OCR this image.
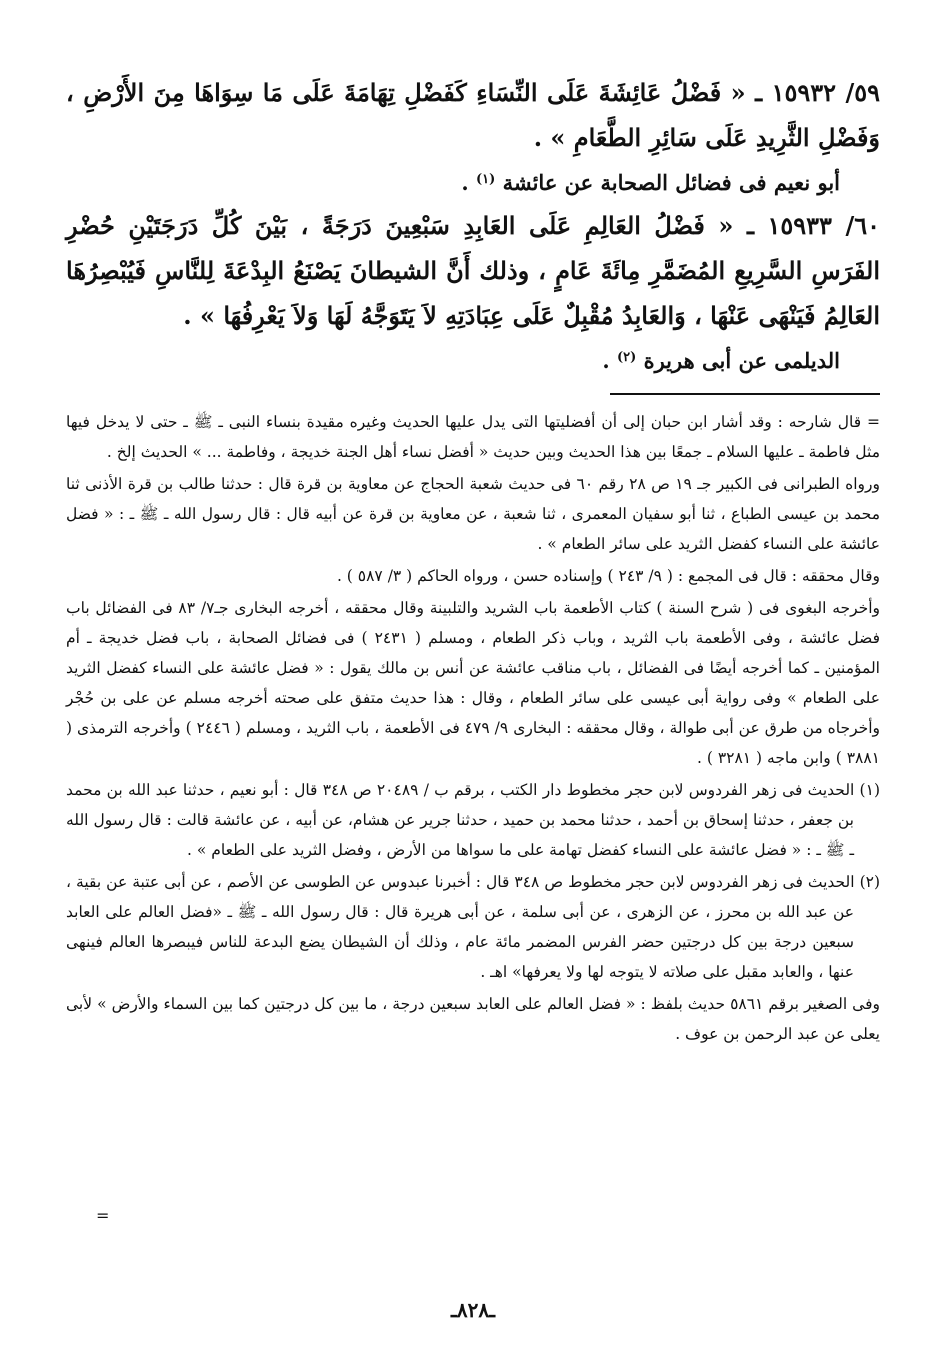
٥٩/ ١٥٩٣٢ ـ « فَضْلُ عَائِشَةَ عَلَى النِّسَاءِ كَفَضْلِ تِهَامَةَ عَلَى مَا سِوَاهَا مِنَ الأَرْضِ ، وَفَضْلِ الثَّرِيدِ عَلَى سَائِرِ الطَّعَامِ » .

أبو نعيم فى فضائل الصحابة عن عائشة $^{(١)}$ .

٦٠/ ١٥٩٣٣ ـ « فَضْلُ العَالِمِ عَلَى العَابِدِ سَبْعِينَ دَرَجَةً ، بَيْنَ كُلِّ دَرَجَتَيْنِ حُضْرِ الفَرَسِ السَّرِيعِ المُضَمَّرِ مِائَةَ عَامٍ ، وذلك أَنَّ الشيطانَ يَصْنَعُ البِدْعَةَ لِلنَّاسِ فَيُبْصِرُهَا العَالِمُ فَيَنْهَى عَنْهَا ، وَالعَابِدُ مُقْبِلٌ عَلَى عِبَادَتِهِ لاَ يَتَوَجَّهُ لَهَا وَلاَ يَعْرِفُهَا » .

الديلمى عن أبى هريرة $^{(٢)}$ .

= قال شارحه : وقد أشار ابن حبان إلى أن أفضليتها التى يدل عليها الحديث وغيره مقيدة بنساء النبى ـ ﷺ ـ حتى لا يدخل فيها مثل فاطمة ـ عليها السلام ـ جمعًا بين هذا الحديث وبين حديث « أفضل نساء أهل الجنة خديجة ، وفاطمة ... » الحديث إلخ .

ورواه الطبرانى فى الكبير جـ ١٩ ص ٢٨ رقم ٦٠ فى حديث شعبة الحجاج عن معاوية بن قرة قال : حدثنا طالب بن قرة الأذنى ثنا محمد بن عيسى الطباع ، ثنا أبو سفيان المعمرى ، ثنا شعبة ، عن معاوية بن قرة عن أبيه قال : قال رسول الله ـ ﷺ ـ : « فضل عائشة على النساء كفضل الثريد على سائر الطعام » .

وقال محققه : قال فى المجمع : ( ٩/ ٢٤٣ ) وإسناده حسن ، ورواه الحاكم ( ٣/ ٥٨٧ ) .

وأخرجه البغوى فى ( شرح السنة ) كتاب الأطعمة باب الشريد والتلبينة وقال محققه ، أخرجه البخارى جـ٧/ ٨٣ فى الفضائل باب فضل عائشة ، وفى الأطعمة باب الثريد ، وباب ذكر الطعام ، ومسلم ( ٢٤٣١ ) فى فضائل الصحابة ، باب فضل خديجة ـ أم المؤمنين ـ كما أخرجه أيضًا فى الفضائل ، باب مناقب عائشة عن أنس بن مالك يقول : « فضل عائشة على النساء كفضل الثريد على الطعام » وفى رواية أبى عيسى على سائر الطعام ، وقال : هذا حديث متفق على صحته أخرجه مسلم عن على بن حُجْر وأخرجاه من طرق عن أبى طوالة ، وقال محققه : البخارى ٩/ ٤٧٩ فى الأطعمة ، باب الثريد ، ومسلم ( ٢٤٤٦ ) وأخرجه الترمذى ( ٣٨٨١ ) وابن ماجه ( ٣٢٨١ ) .

(١) الحديث فى زهر الفردوس لابن حجر مخطوط دار الكتب ، برقم ب / ٢٠٤٨٩ ص ٣٤٨ قال : أبو نعيم ، حدثنا عبد الله بن محمد بن جعفر ، حدثنا إسحاق بن أحمد ، حدثنا محمد بن حميد ، حدثنا جرير عن هشام، عن أبيه ، عن عائشة قالت : قال رسول الله ـ ﷺ ـ : « فضل عائشة على النساء كفضل تهامة على ما سواها من الأرض ، وفضل الثريد على الطعام » .

(٢) الحديث فى زهر الفردوس لابن حجر مخطوط ص ٣٤٨ قال : أخبرنا عبدوس عن الطوسى عن الأصم ، عن أبى عتبة عن بقية ، عن عبد الله بن محرز ، عن الزهرى ، عن أبى سلمة ، عن أبى هريرة قال : قال رسول الله ـ ﷺ ـ «فضل العالم على العابد سبعين درجة بين كل درجتين حضر الفرس المضمر مائة عام ، وذلك أن الشيطان يضع البدعة للناس فيبصرها العالم فينهى عنها ، والعابد مقبل على صلاته لا يتوجه لها ولا يعرفها» اهـ .

وفى الصغير برقم ٥٨٦١ حديث بلفظ : « فضل العالم على العابد سبعين درجة ، ما بين كل درجتين كما بين السماء والأرض » لأبى يعلى عن عبد الرحمن بن عوف .

=
ـ٨٢٨ـ
